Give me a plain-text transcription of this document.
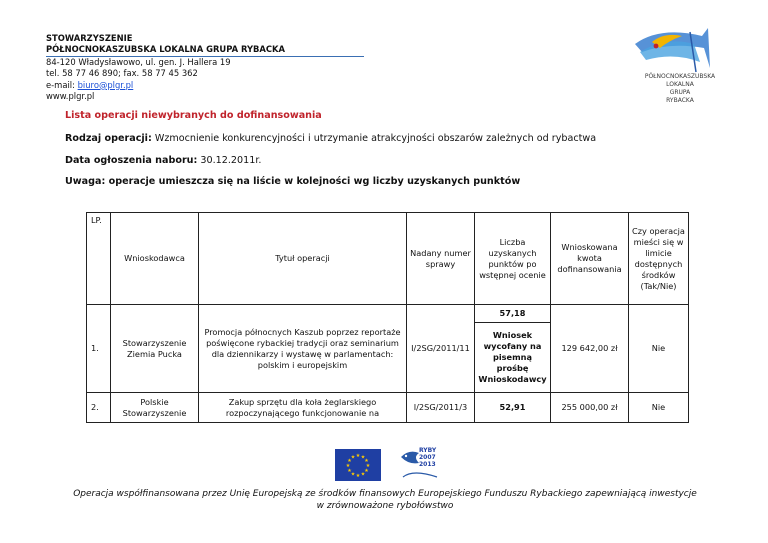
STOWARZYSZENIE
PÓŁNOCNOKASZUBSKA LOKALNA GRUPA RYBACKA
84-120 Władysławowo, ul. gen. J. Hallera 19
tel. 58 77 46 890; fax. 58 77 45 362
e-mail: biuro@plgr.pl
www.plgr.pl
PÓŁNOCNOKASZUBSKA
LOKALNA
GRUPA
RYBACKA
Lista operacji niewybranych do dofinansowania
Rodzaj operacji: Wzmocnienie konkurencyjności i utrzymanie atrakcyjności obszarów zależnych od rybactwa
Data ogłoszenia naboru: 30.12.2011r.
Uwaga: operacje umieszcza się na liście w kolejności wg liczby uzyskanych punktów
LP.	Wnioskodawca	Tytuł operacji	Nadany numer sprawy	Liczba uzyskanych punktów po wstępnej ocenie	Wnioskowana kwota dofinansowania	Czy operacja mieści się w limicie dostępnych środków (Tak/Nie)
1.	Stowarzyszenie Ziemia Pucka	Promocja północnych Kaszub poprzez reportaże poświęcone rybackiej tradycji oraz seminarium dla dziennikarzy i wystawę w parlamentach: polskim i europejskim	I/2SG/2011/11	57,18	129 642,00 zł	Nie
				Wniosek wycofany na pisemną prośbę Wnioskodawcy		
2.	Polskie Stowarzyszenie	Zakup sprzętu dla koła żeglarskiego rozpoczynającego funkcjonowanie na	I/2SG/2011/3	52,91	255 000,00 zł	Nie
★ ★
★
★
★
★
★
★
★
★
★
★
RYBY
2007
2013
Operacja współfinansowana przez Unię Europejską ze środków finansowych Europejskiego Funduszu Rybackiego zapewniającą inwestycje w zrównoważone rybołówstwo
